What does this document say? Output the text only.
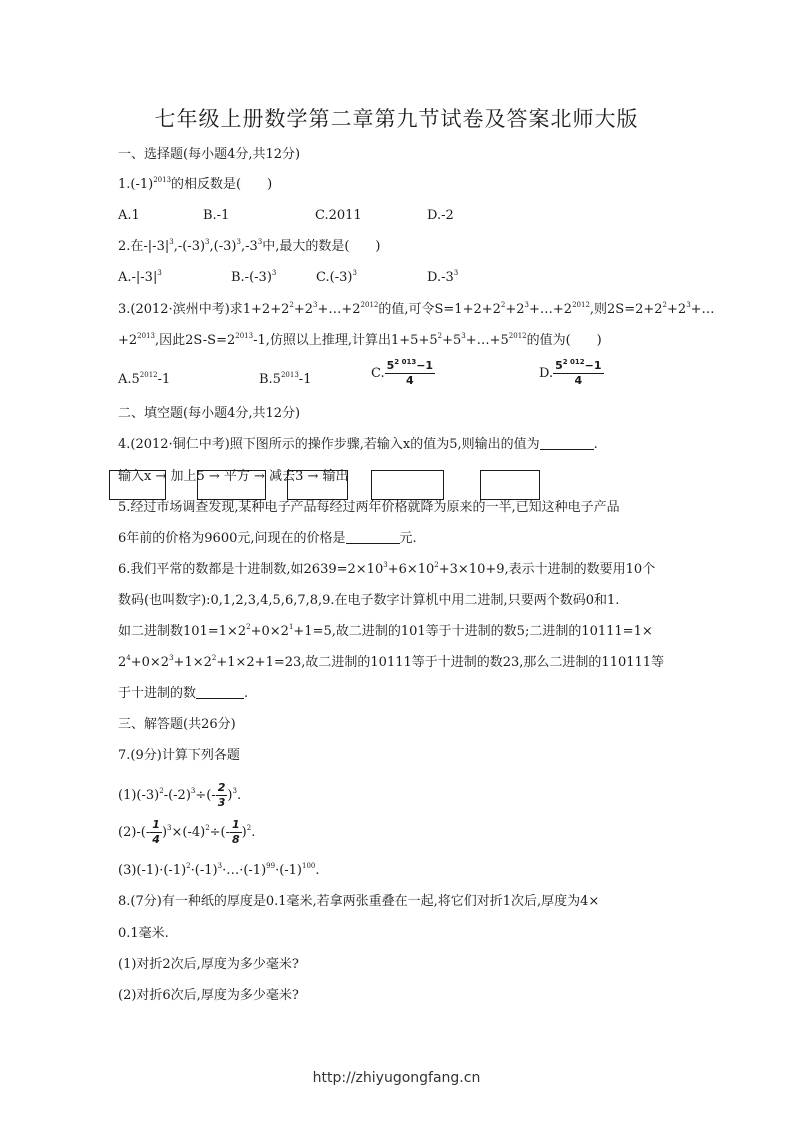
七年级上册数学第二章第九节试卷及答案北师大版
一、选择题(每小题4分,共12分)
$1.(-1)^{2013}$的相反数是(　　)
A.1	B.-1	C.2011	D.-2
2.在$-|-3|^3,-(-3)^3,(-3)^3,-3^3$中,最大的数是(　　)
$A.-|-3|^3$	$B.-(-3)^3$	$C.(-3)^3$	$D.-3^3$
3.(2012·滨州中考)求$1+2+2^2+2^3+\dots+2^{2012}$的值,可令$S=1+2+2^2+2^3+\dots+2^{2012}$,则$2S=2+2^2+2^3+\dots$
$+2^{2013}$,因此$2S-S=2^{2013}-1$,仿照以上推理,计算出$1+5+5^2+5^3+\dots+5^{2012}$的值为(　　)
$A.5^{2012}-1$	$B.5^{2013}-1$	C. $\frac{5^{2 013}-1}{4}$	D. $\frac{5^{2 012}-1}{4}$
二、填空题(每小题4分,共12分)
4.(2012·铜仁中考)照下图所示的操作步骤,若输入x的值为5,则输出的值为	.
输入x → 加上5 → 平方 → 减去3 → 输出
5.经过市场调查发现,某种电子产品每经过两年价格就降为原来的一半,已知这种电子产品
6年前的价格为9600元,问现在的价格是	元.
6.我们平常的数都是十进制数,如$2639=2\times 10^3+6\times 10^2+3\times 10+9$,表示十进制的数要用10个
数码(也叫数字):0,1,2,3,4,5,6,7,8,9.在电子数字计算机中用二进制,只要两个数码0和1.
如二进制数$101=1\times 2^2+0\times 2^1+1=5$,故二进制的101等于十进制的数5;二进制的10111=1×
$2^4+0\times 2^3+1\times 2^2+1\times 2+1=23$,故二进制的10111等于十进制的数23,那么二进制的110111等
于十进制的数	.
三、解答题(共26分)
7.(9分)计算下列各题
$(1)(-3)^2-(-2)^3\div(- \frac{2}{3} )^3$.
$(2)-(- \frac{1}{4} )^3\times(-4)^2\div(- \frac{1}{8} )^2$.
$(3)(-1)\cdot(-1)^2\cdot(-1)^3\cdot\dots\cdot(-1)^{99}\cdot(-1)^{100}$.
8.(7分)有一种纸的厚度是0.1毫米,若拿两张重叠在一起,将它们对折1次后,厚度为4×
0.1毫米.
(1)对折2次后,厚度为多少毫米?
(2)对折6次后,厚度为多少毫米?
http://zhiyugongfang.cn
